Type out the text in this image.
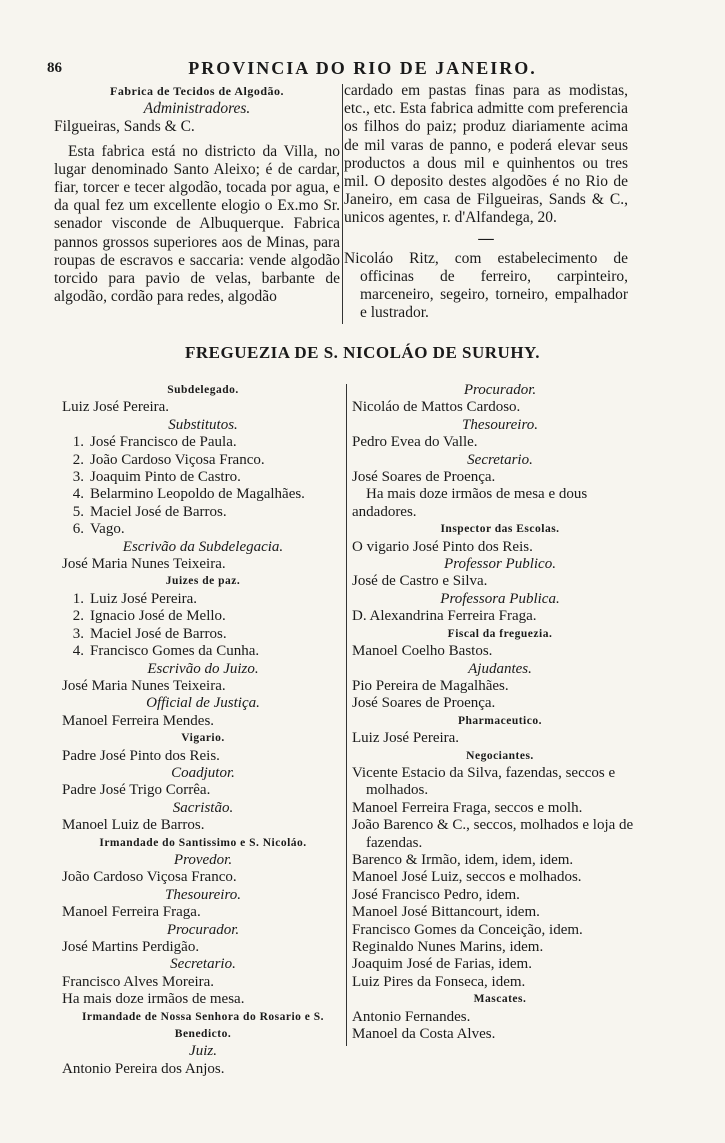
86	PROVINCIA DO RIO DE JANEIRO.
Fabrica de Tecidos de Algodão.
Administradores.
Filgueiras, Sands & C.
Esta fabrica está no districto da Villa, no lugar denominado Santo Aleixo; é de cardar, fiar, torcer e tecer algodão, tocada por agua, e da qual fez um excellente elogio o Ex.mo Sr. senador visconde de Albuquerque. Fabrica pannos grossos superiores aos de Minas, para roupas de escravos e saccaria: vende algodão torcido para pavio de velas, barbante de algodão, cordão para redes, algodão
cardado em pastas finas para as modistas, etc., etc. Esta fabrica admitte com preferencia os filhos do paiz; produz diariamente acima de mil varas de panno, e poderá elevar seus productos a dous mil e quinhentos ou tres mil. O deposito destes algodões é no Rio de Janeiro, em casa de Filgueiras, Sands & C., unicos agentes, r. d'Alfandega, 20.
—
Nicoláo Ritz, com estabelecimento de officinas de ferreiro, carpinteiro, marceneiro, segeiro, torneiro, empalhador e lustrador.
FREGUEZIA DE S. NICOLÁO DE SURUHY.
Subdelegado.
Luiz José Pereira.
Substitutos.
1. José Francisco de Paula.
2. João Cardoso Viçosa Franco.
3. Joaquim Pinto de Castro.
4. Belarmino Leopoldo de Magalhães.
5. Maciel José de Barros.
6. Vago.
Escrivão da Subdelegacia.
José Maria Nunes Teixeira.
Juizes de paz.
1. Luiz José Pereira.
2. Ignacio José de Mello.
3. Maciel José de Barros.
4. Francisco Gomes da Cunha.
Escrivão do Juizo.
José Maria Nunes Teixeira.
Official de Justiça.
Manoel Ferreira Mendes.
Vigario.
Padre José Pinto dos Reis.
Coadjutor.
Padre José Trigo Corrêa.
Sacristão.
Manoel Luiz de Barros.
Irmandade do Santissimo e S. Nicoláo.
Provedor.
João Cardoso Viçosa Franco.
Thesoureiro.
Manoel Ferreira Fraga.
Procurador.
José Martins Perdigão.
Secretario.
Francisco Alves Moreira.
Ha mais doze irmãos de mesa.
Irmandade de Nossa Senhora do Rosario e S. Benedicto.
Juiz.
Antonio Pereira dos Anjos.
Procurador.
Nicoláo de Mattos Cardoso.
Thesoureiro.
Pedro Evea do Valle.
Secretario.
José Soares de Proença.
Ha mais doze irmãos de mesa e dous andadores.
Inspector das Escolas.
O vigario José Pinto dos Reis.
Professor Publico.
José de Castro e Silva.
Professora Publica.
D. Alexandrina Ferreira Fraga.
Fiscal da freguezia.
Manoel Coelho Bastos.
Ajudantes.
Pio Pereira de Magalhães.
José Soares de Proença.
Pharmaceutico.
Luiz José Pereira.
Negociantes.
Vicente Estacio da Silva, fazendas, seccos e molhados.
Manoel Ferreira Fraga, seccos e molh.
João Barenco & C., seccos, molhados e loja de fazendas.
Barenco & Irmão, idem, idem, idem.
Manoel José Luiz, seccos e molhados.
José Francisco Pedro, idem.
Manoel José Bittancourt, idem.
Francisco Gomes da Conceição, idem.
Reginaldo Nunes Marins, idem.
Joaquim José de Farias, idem.
Luiz Pires da Fonseca, idem.
Mascates.
Antonio Fernandes.
Manoel da Costa Alves.
